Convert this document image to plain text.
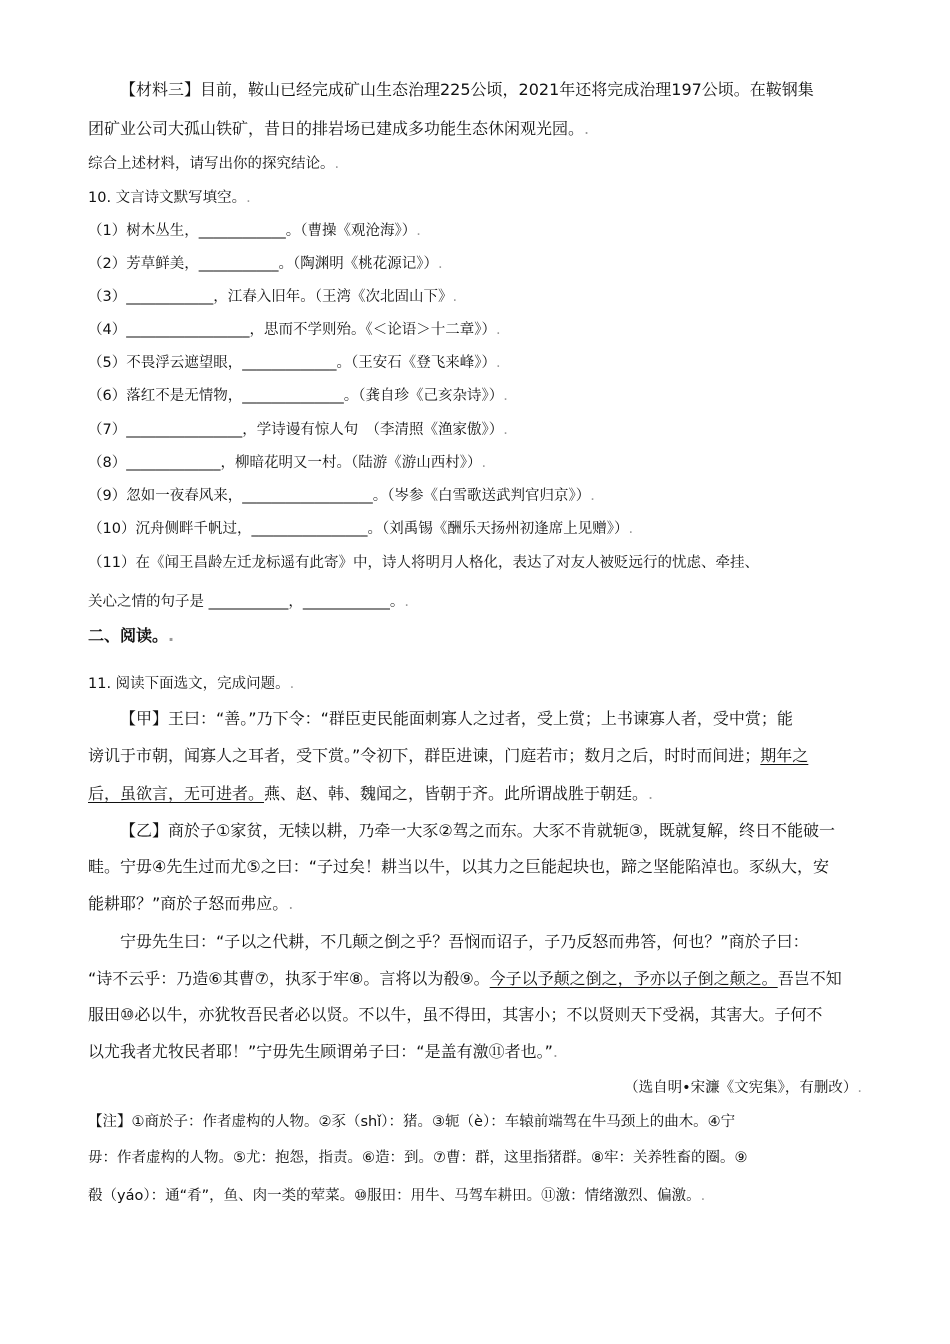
【材料三】目前，鞍山已经完成矿山生态治理225公顷，2021年还将完成治理197公顷。在鞍钢集
团矿业公司大孤山铁矿，昔日的排岩场已建成多功能生态休闲观光园。.
综合上述材料，请写出你的探究结论。.
10. 文言诗文默写填空。.
（1）树木丛生，____________。（曹操《观沧海》）.
（2）芳草鲜美，___________。（陶渊明《桃花源记》）.
（3）____________，江春入旧年。（王湾《次北固山下》.
（4）_________________，思而不学则殆。《＜论语＞十二章》）.
（5）不畏浮云遮望眼，_____________。（王安石《登飞来峰》）.
（6）落红不是无情物，______________。（龚自珍《己亥杂诗》）.
（7）________________，学诗谩有惊人句　（李清照《渔家傲》）.
（8）_____________，柳暗花明又一村。（陆游《游山西村》）.
（9）忽如一夜春风来，__________________。（岑参《白雪歌送武判官归京》）.
（10）沉舟侧畔千帆过，________________。（刘禹锡《酬乐天扬州初逢席上见赠》）.
（11）在《闻王昌龄左迁龙标遥有此寄》中，诗人将明月人格化，表达了对友人被贬远行的忧虑、牵挂、
关心之情的句子是 ___________，____________。.
二、阅读。.
11. 阅读下面选文，完成问题。.
【甲】王曰：“善。”乃下令：“群臣吏民能面刺寡人之过者，受上赏；上书谏寡人者，受中赏；能
谤讥于市朝，闻寡人之耳者，受下赏。”令初下，群臣进谏，门庭若市；数月之后，时时而间进；期年之
后，虽欲言，无可进者。燕、赵、韩、魏闻之，皆朝于齐。此所谓战胜于朝廷。.
【乙】商於子①家贫，无犊以耕，乃牵一大豕②驾之而东。大豕不肯就轭③，既就复解，终日不能破一
畦。宁毋④先生过而尤⑤之曰：“子过矣！耕当以牛，以其力之巨能起块也，蹄之坚能陷淖也。豕纵大，安
能耕耶？”商於子怒而弗应。.
宁毋先生曰：“子以之代耕，不几颠之倒之乎？吾悯而诏子，子乃反怒而弗答，何也？”商於子曰：
“诗不云乎：乃造⑥其曹⑦，执豕于牢⑧。言将以为殽⑨。今子以予颠之倒之，予亦以子倒之颠之。吾岂不知
服田⑩必以牛，亦犹牧吾民者必以贤。不以牛，虽不得田，其害小；不以贤则天下受祸，其害大。子何不
以尤我者尤牧民者耶！”宁毋先生顾谓弟子曰：“是盖有激⑪者也。”.
（选自明•宋濂《文宪集》，有删改）.
【注】①商於子：作者虚构的人物。②豕（shǐ）：猪。③轭（è）：车辕前端驾在牛马颈上的曲木。④宁
毋：作者虚构的人物。⑤尤：抱怨，指责。⑥造：到。⑦曹：群，这里指猪群。⑧牢：关养牲畜的圈。⑨
殽（yáo）：通“肴”，鱼、肉一类的荤菜。⑩服田：用牛、马驾车耕田。⑪激：情绪激烈、偏激。.
